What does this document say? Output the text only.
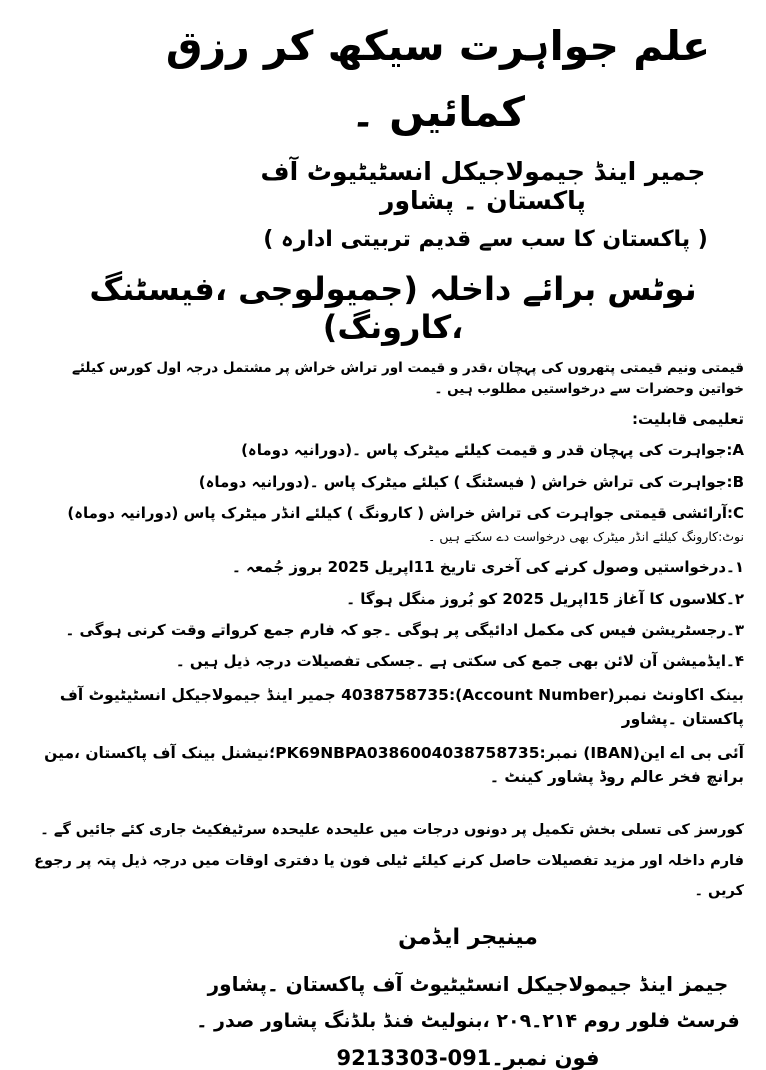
علم جواہرت سیکھ کر رزق کمائیں ۔
جمیر اینڈ جیمولاجیکل انسٹیٹیوٹ آف پاکستان ۔ پشاور
( پاکستان کا سب سے قدیم تربیتی ادارہ )
نوٹس برائے داخلہ (جمیولوجی ،فیسٹنگ ،کارونگ)

قیمتی ونیم قیمتی پتھروں کی پہچان ،قدر و قیمت اور تراش خراش پر مشتمل درجہ اول کورس کیلئے خواتین وحضرات سے درخواستیں مطلوب ہیں ۔

تعلیمی قابلیت:
A:جواہرت کی پہچان قدر و قیمت کیلئے میٹرک پاس ۔(دورانیہ دوماہ)
B:جواہرت کی تراش خراش ( فیسٹنگ ) کیلئے میٹرک پاس ۔(دورانیہ دوماہ)
C:آرائشی قیمتی جواہرت کی تراش خراش ( کارونگ ) کیلئے انڈر میٹرک پاس (دورانیہ دوماہ) نوٹ:کارونگ کیلئے انڈر میٹرک بھی درخواست دے سکتے ہیں ۔
۱۔درخواستیں وصول کرنے کی آخری تاریخ 11اپریل 2025 بروز جُمعہ ۔
۲۔کلاسوں کا آغاز 15اپریل 2025 کو بُروز منگل ہوگا ۔
۳۔رجسٹریشن فیس کی مکمل ادائیگی پر ہوگی ۔جو کہ فارم جمع کرواتے وقت کرنی ہوگی ۔
۴۔ایڈمیشن آن لائن بھی جمع کی سکتی ہے ۔جسکی تفصیلات درجہ ذیل ہیں ۔
بینک اکاونٹ نمبر(Account Number):4038758735 جمیر اینڈ جیمولاجیکل انسٹیٹیوٹ آف پاکستان ۔پشاور
آئی بی اے این(IBAN) نمبر:PK69NBPA0386004038758735؛نیشنل بینک آف پاکستان ،مین برانچ فخر عالم روڈ پشاور کینٹ ۔

کورسز کی تسلی بخش تکمیل پر دونوں درجات میں علیحدہ علیحدہ سرٹیفکیٹ جاری کئے جائیں گے ۔فارم داخلہ اور مزید تفصیلات حاصل کرنے کیلئے ٹیلی فون یا دفتری اوقات میں درجہ ذیل پتہ پر رجوع کریں ۔

مینیجر ایڈمن
جیمز اینڈ جیمولاجیکل انسٹیٹیوٹ آف پاکستان ۔پشاور
فرسٹ فلور روم ۲۱۴۔۲۰۹ ،بنولیٹ فنڈ بلڈنگ پشاور صدر ۔
فون نمبر۔091-9213303
